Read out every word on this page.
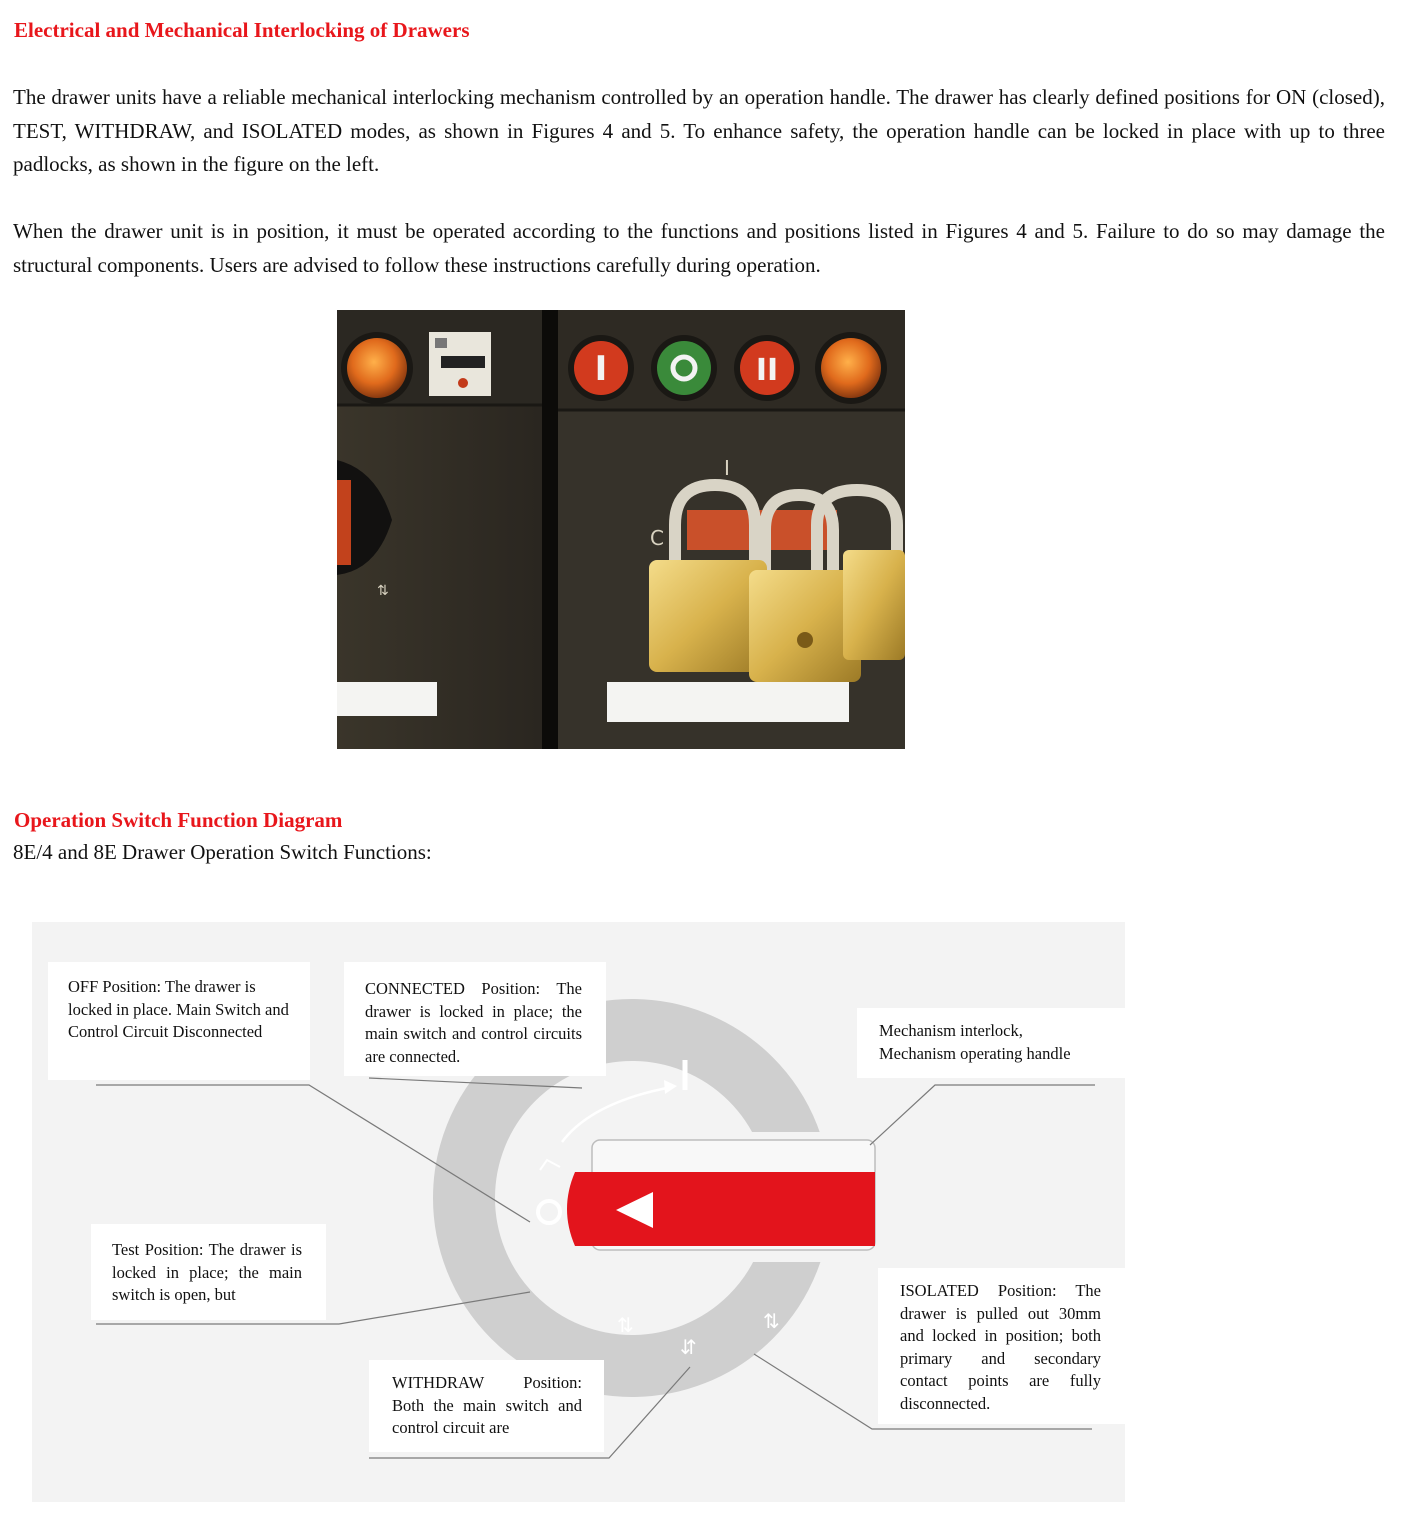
Electrical and Mechanical Interlocking of Drawers

The drawer units have a reliable mechanical interlocking mechanism controlled by an operation handle. The drawer has clearly defined positions for ON (closed), TEST, WITHDRAW, and ISOLATED modes, as shown in Figures 4 and 5. To enhance safety, the operation handle can be locked in place with up to three padlocks, as shown in the figure on the left.

When the drawer unit is in position, it must be operated according to the functions and positions listed in Figures 4 and 5. Failure to do so may damage the structural components. Users are advised to follow these instructions carefully during operation.

I	II
⇅
I
C
Operation Switch Function Diagram

8E/4 and 8E Drawer Operation Switch Functions:

⇅
⇵
⇅

OFF Position: The drawer is locked in place. Main Switch and Control Circuit Disconnected

CONNECTED Position: The drawer is locked in place; the main switch and control circuits are connected.

Mechanism interlock, Mechanism operating handle

Test Position: The drawer is locked in place; the main switch is open, but

WITHDRAW Position: Both the main switch and control circuit are

ISOLATED Position: The drawer is pulled out 30mm and locked in position; both primary and secondary contact points are fully disconnected.
